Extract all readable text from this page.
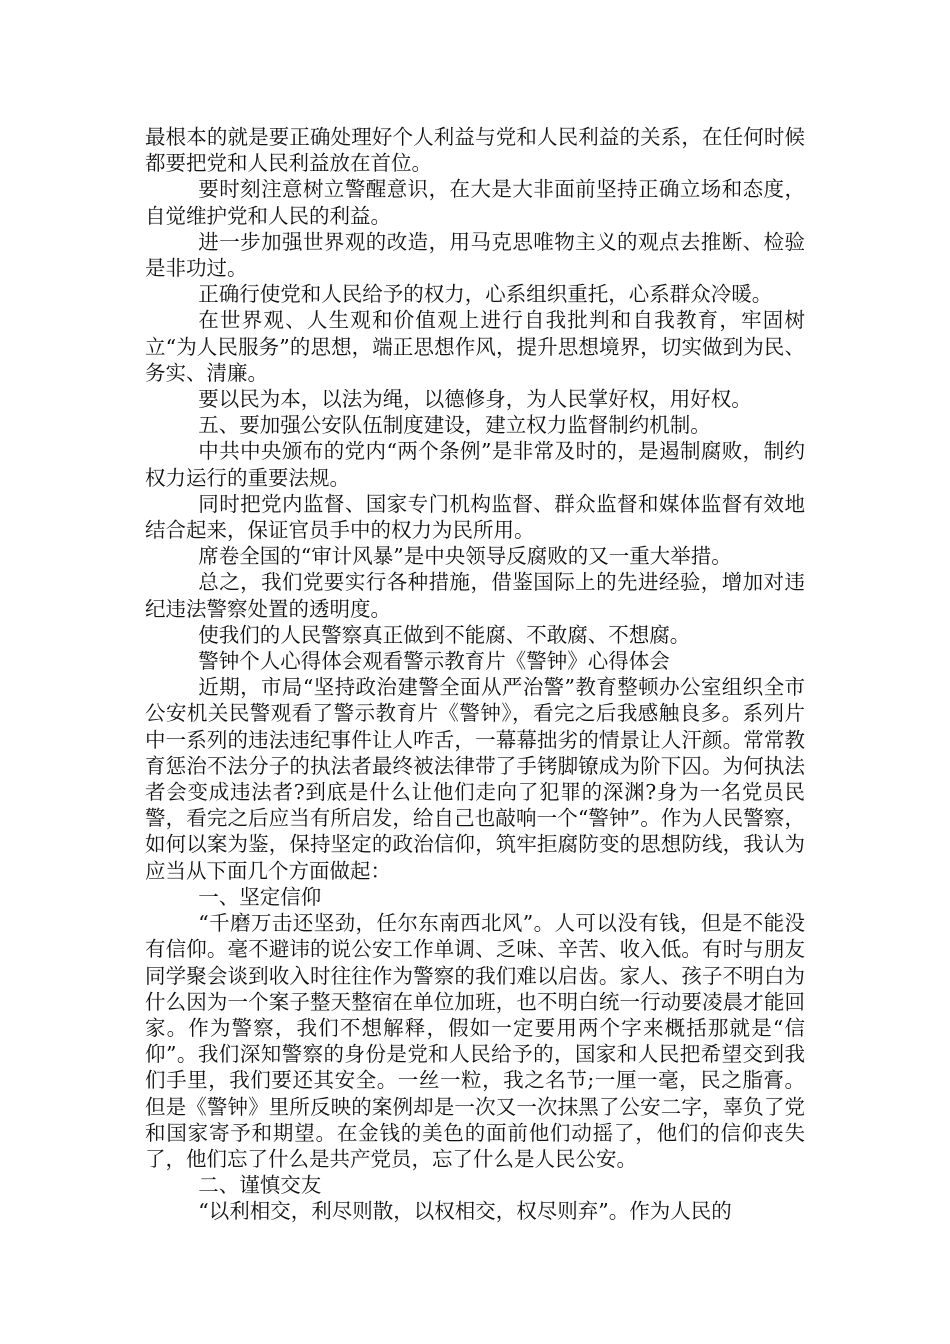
最根本的就是要正确处理好个人利益与党和人民利益的关系，在任何时候都要把党和人民利益放在首位。

要时刻注意树立警醒意识，在大是大非面前坚持正确立场和态度，自觉维护党和人民的利益。

进一步加强世界观的改造，用马克思唯物主义的观点去推断、检验是非功过。

正确行使党和人民给予的权力，心系组织重托，心系群众冷暖。

在世界观、人生观和价值观上进行自我批判和自我教育，牢固树立“为人民服务”的思想，端正思想作风，提升思想境界，切实做到为民、务实、清廉。

要以民为本，以法为绳，以德修身，为人民掌好权，用好权。

五、要加强公安队伍制度建设，建立权力监督制约机制。

中共中央颁布的党内“两个条例”是非常及时的，是遏制腐败，制约权力运行的重要法规。

同时把党内监督、国家专门机构监督、群众监督和媒体监督有效地结合起来，保证官员手中的权力为民所用。

席卷全国的“审计风暴”是中央领导反腐败的又一重大举措。

总之，我们党要实行各种措施，借鉴国际上的先进经验，增加对违纪违法警察处置的透明度。

使我们的人民警察真正做到不能腐、不敢腐、不想腐。

警钟个人心得体会观看警示教育片《警钟》心得体会

近期，市局“坚持政治建警全面从严治警”教育整顿办公室组织全市公安机关民警观看了警示教育片《警钟》，看完之后我感触良多。系列片中一系列的违法违纪事件让人咋舌，一幕幕拙劣的情景让人汗颜。常常教育惩治不法分子的执法者最终被法律带了手铐脚镣成为阶下囚。为何执法者会变成违法者?到底是什么让他们走向了犯罪的深渊?身为一名党员民警，看完之后应当有所启发，给自己也敲响一个“警钟”。作为人民警察，如何以案为鉴，保持坚定的政治信仰，筑牢拒腐防变的思想防线，我认为应当从下面几个方面做起：

一、坚定信仰

“千磨万击还坚劲，任尔东南西北风”。人可以没有钱，但是不能没有信仰。毫不避讳的说公安工作单调、乏味、辛苦、收入低。有时与朋友同学聚会谈到收入时往往作为警察的我们难以启齿。家人、孩子不明白为什么因为一个案子整天整宿在单位加班，也不明白统一行动要凌晨才能回家。作为警察，我们不想解释，假如一定要用两个字来概括那就是“信仰”。我们深知警察的身份是党和人民给予的，国家和人民把希望交到我们手里，我们要还其安全。一丝一粒，我之名节;一厘一毫，民之脂膏。但是《警钟》里所反映的案例却是一次又一次抹黑了公安二字，辜负了党和国家寄予和期望。在金钱的美色的面前他们动摇了，他们的信仰丧失了，他们忘了什么是共产党员，忘了什么是人民公安。

二、谨慎交友

“以利相交，利尽则散，以权相交，权尽则弃”。作为人民的
